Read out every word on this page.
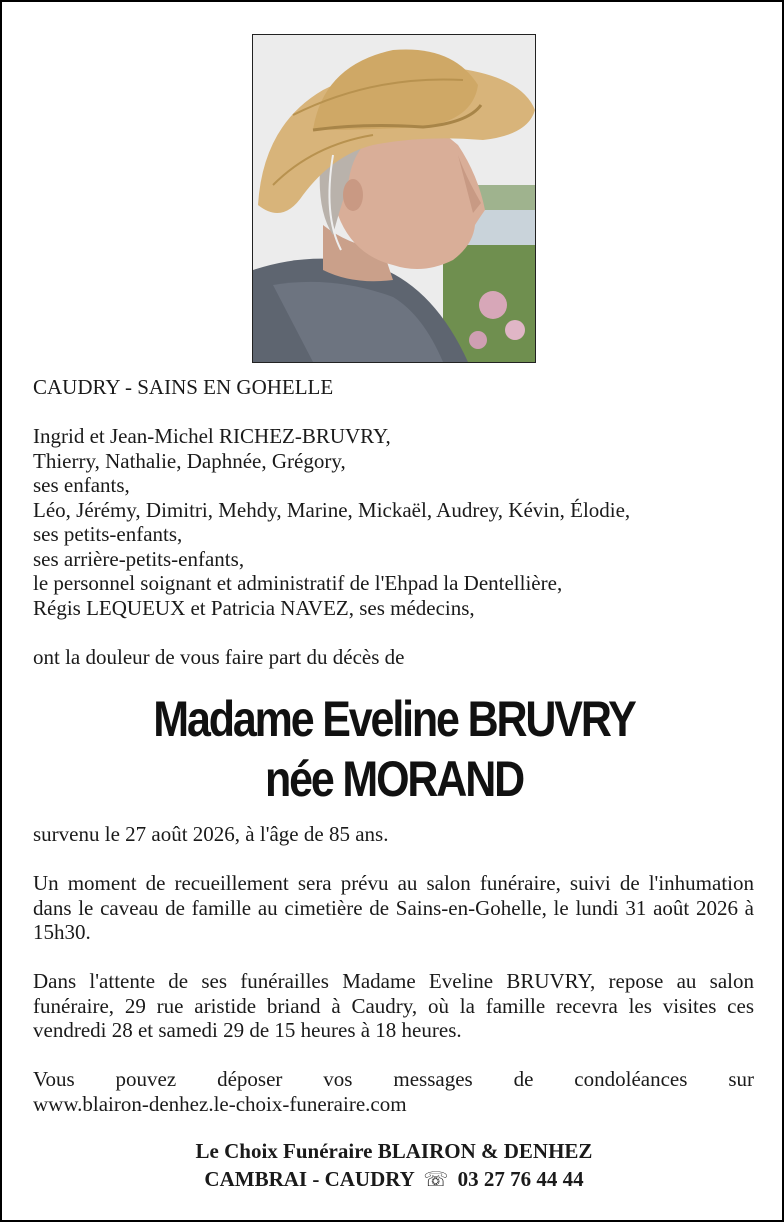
CAUDRY - SAINS EN GOHELLE

Ingrid et Jean-Michel RICHEZ-BRUVRY,

Thierry, Nathalie, Daphnée, Grégory,

ses enfants,

Léo, Jérémy, Dimitri, Mehdy, Marine, Mickaël, Audrey, Kévin, Élodie,

ses petits-enfants,

ses arrière-petits-enfants,

le personnel soignant et administratif de l'Ehpad la Dentellière,

Régis LEQUEUX et Patricia NAVEZ, ses médecins,

ont la douleur de vous faire part du décès de

Madame Eveline BRUVRY
née MORAND

survenu le 27 août 2026, à l'âge de 85 ans.

Un moment de recueillement sera prévu au salon funéraire, suivi de l'inhumation dans le caveau de famille au cimetière de Sains-en-Gohelle, le lundi 31 août 2026 à 15h30.

Dans l'attente de ses funérailles Madame Eveline BRUVRY, repose au salon funéraire, 29 rue aristide briand à Caudry, où la famille recevra les visites ces vendredi 28 et samedi 29 de 15 heures à 18 heures.

Vous pouvez déposer vos messages de condoléances sur

www.blairon-denhez.le-choix-funeraire.com

Le Choix Funéraire BLAIRON & DENHEZ
CAMBRAI - CAUDRY ☏ 03 27 76 44 44
